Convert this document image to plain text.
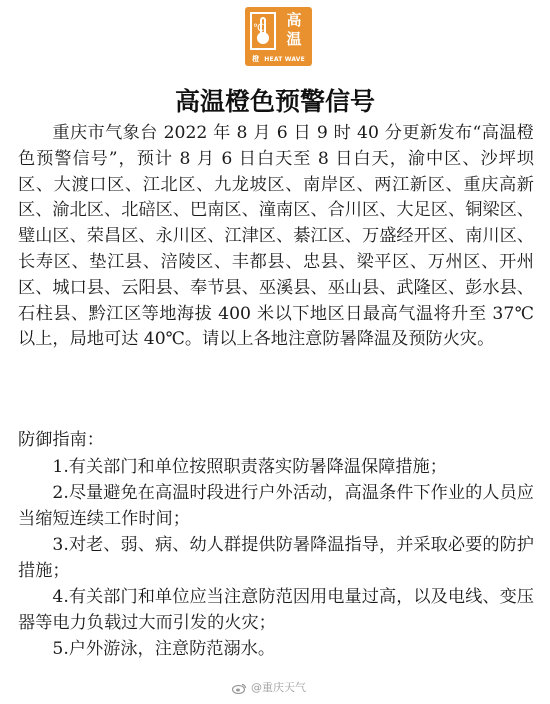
℃	高
温
橙 HEAT WAVE
高温橙色预警信号
重庆市气象台 2022 年 8 月 6 日 9 时 40 分更新发布“高温橙色预警信号”，预计 8 月 6 日白天至 8 日白天，渝中区、沙坪坝区、大渡口区、江北区、九龙坡区、南岸区、两江新区、重庆高新区、渝北区、北碚区、巴南区、潼南区、合川区、大足区、铜梁区、璧山区、荣昌区、永川区、江津区、綦江区、万盛经开区、南川区、长寿区、垫江县、涪陵区、丰都县、忠县、梁平区、万州区、开州区、城口县、云阳县、奉节县、巫溪县、巫山县、武隆区、彭水县、石柱县、黔江区等地海拔 400 米以下地区日最高气温将升至 37℃以上，局地可达 40℃。请以上各地注意防暑降温及预防火灾。
防御指南：
1.有关部门和单位按照职责落实防暑降温保障措施；
2.尽量避免在高温时段进行户外活动，高温条件下作业的人员应当缩短连续工作时间；
3.对老、弱、病、幼人群提供防暑降温指导，并采取必要的防护措施；
4.有关部门和单位应当注意防范因用电量过高，以及电线、变压器等电力负载过大而引发的火灾；
5.户外游泳，注意防范溺水。
@重庆天气
